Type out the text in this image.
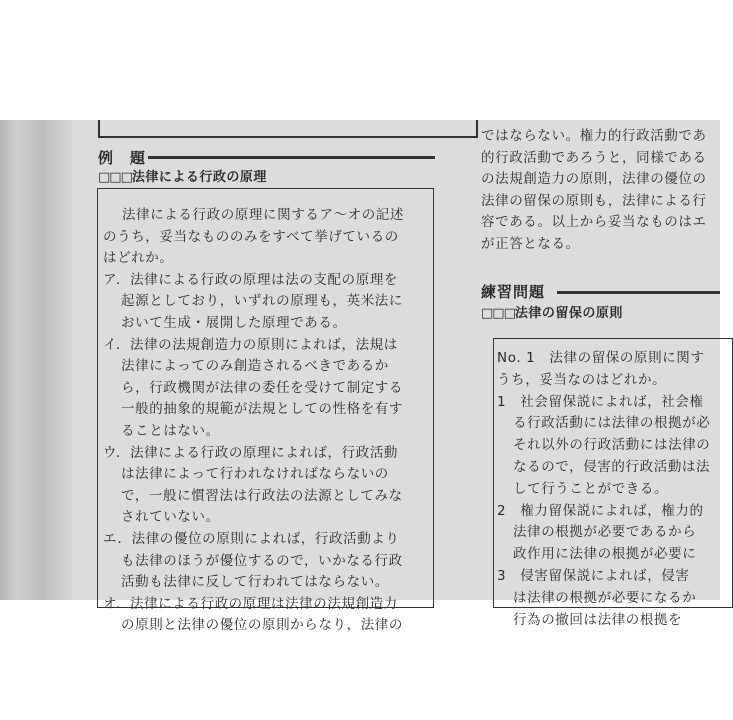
例　題
□□□法律による行政の原理
法律による行政の原理に関するア～オの記述
のうち，妥当なもののみをすべて挙げているの
はどれか。
ア．法律による行政の原理は法の支配の原理を
起源としており，いずれの原理も，英米法に
おいて生成・展開した原理である。
イ．法律の法規創造力の原則によれば，法規は
法律によってのみ創造されるべきであるか
ら，行政機関が法律の委任を受けて制定する
一般的抽象的規範が法規としての性格を有す
ることはない。
ウ．法律による行政の原理によれば，行政活動
は法律によって行われなければならないの
で，一般に慣習法は行政法の法源としてみな
されていない。
エ．法律の優位の原則によれば，行政活動より
も法律のほうが優位するので，いかなる行政
活動も法律に反して行われてはならない。
オ．法律による行政の原理は法律の法規創造力
の原則と法律の優位の原則からなり，法律の
ではならない。権力的行政活動であ
的行政活動であろうと，同様である
の法規創造力の原則，法律の優位の
法律の留保の原則も，法律による行
容である。以上から妥当なものはエ
が正答となる。
練習問題
□□□法律の留保の原則
No. 1　法律の留保の原則に関す
うち，妥当なのはどれか。
1　社会留保説によれば，社会権
る行政活動には法律の根拠が必
それ以外の行政活動には法律の
なるので，侵害的行政活動は法
して行うことができる。
2　権力留保説によれば，権力的
法律の根拠が必要であるから
政作用に法律の根拠が必要に
3　侵害留保説によれば，侵害
は法律の根拠が必要になるか
行為の撤回は法律の根拠を
